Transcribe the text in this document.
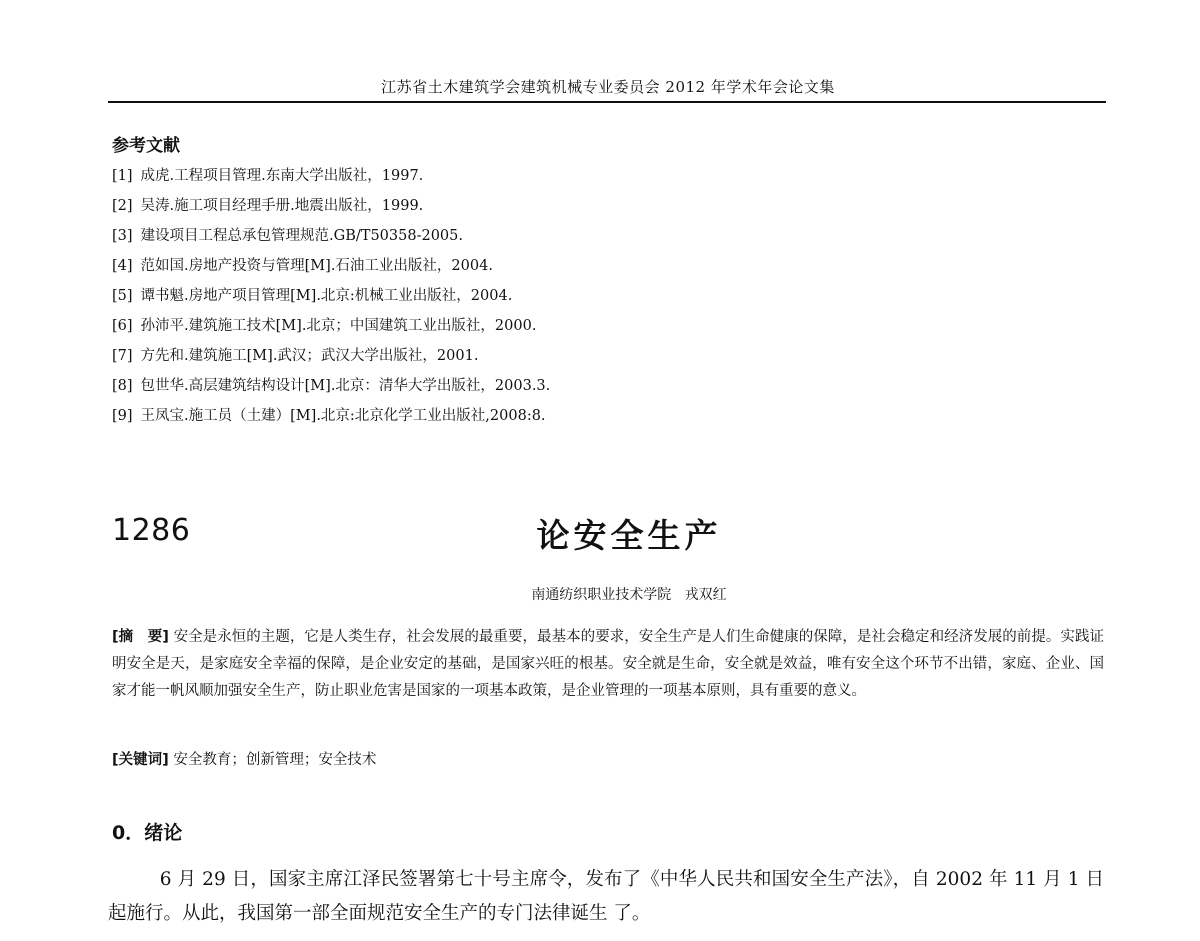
江苏省土木建筑学会建筑机械专业委员会 2012 年学术年会论文集
参考文献
[1] 成虎.工程项目管理.东南大学出版社，1997.
[2] 吴涛.施工项目经理手册.地震出版社，1999.
[3] 建设项目工程总承包管理规范.GB/T50358-2005.
[4] 范如国.房地产投资与管理[M].石油工业出版社，2004.
[5] 谭书魁.房地产项目管理[M].北京:机械工业出版社，2004.
[6] 孙沛平.建筑施工技术[M].北京；中国建筑工业出版社，2000.
[7] 方先和.建筑施工[M].武汉；武汉大学出版社，2001.
[8] 包世华.高层建筑结构设计[M].北京：清华大学出版社，2003.3.
[9] 王凤宝.施工员（土建）[M].北京:北京化学工业出版社,2008:8.
1286	论安全生产
南通纺织职业技术学院   戎双红

[摘　要] 安全是永恒的主题，它是人类生存，社会发展的最重要，最基本的要求，安全生产是人们生命健康的保障，是社会稳定和经济发展的前提。实践证明安全是天，是家庭安全幸福的保障，是企业安定的基础，是国家兴旺的根基。安全就是生命，安全就是效益，唯有安全这个环节不出错，家庭、企业、国家才能一帆风顺加强安全生产，防止职业危害是国家的一项基本政策，是企业管理的一项基本原则，具有重要的意义。

[关键词] 安全教育；创新管理；安全技术
0．绪论

6 月 29 日，国家主席江泽民签署第七十号主席令，发布了《中华人民共和国安全生产法》，自 2002 年 11 月 1 日起施行。从此，我国第一部全面规范安全生产的专门法律诞生 了。
